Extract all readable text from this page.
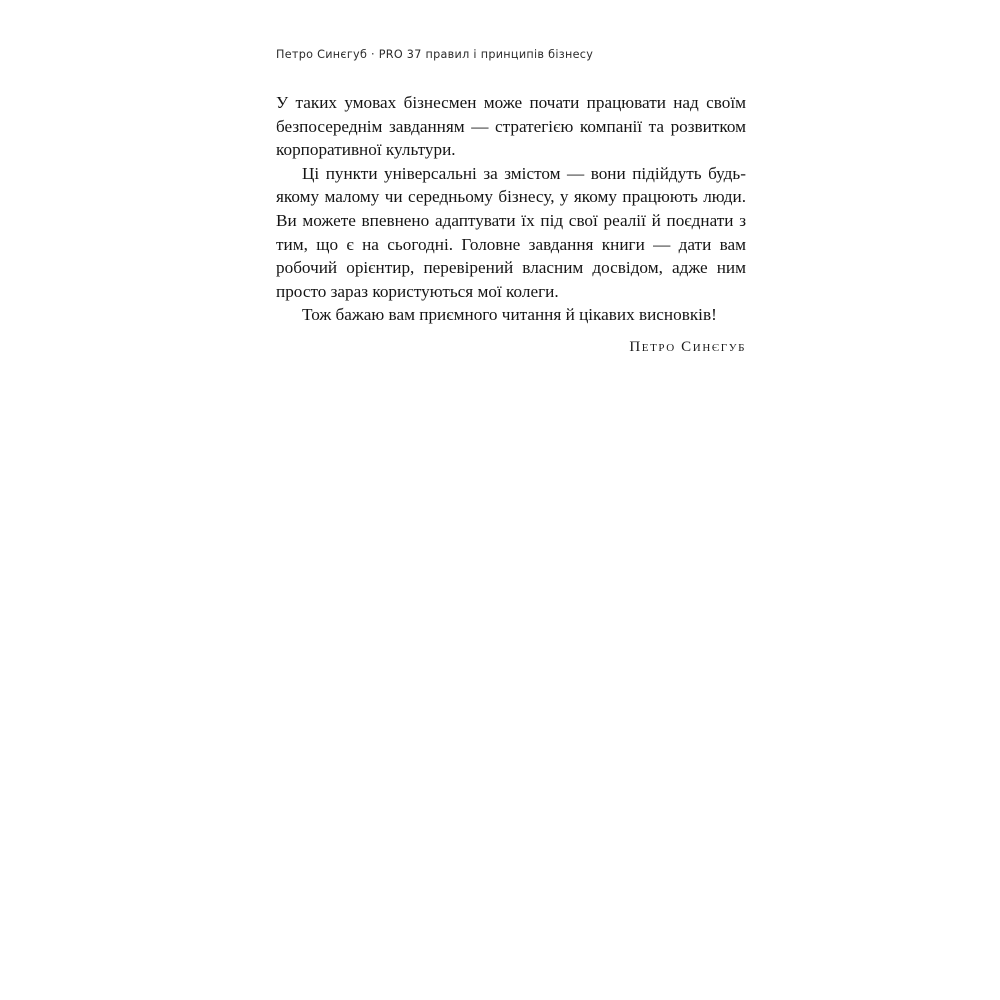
Петро Синєгуб · PRO 37 правил і принципів бізнесу

У таких умовах бізнесмен може почати працювати над своїм безпосереднім завданням — стратегією компанії та розвитком корпоративної культури.

Ці пункти універсальні за змістом — вони підійдуть будь-якому малому чи середньому бізнесу, у якому працюють люди. Ви можете впевнено адаптувати їх під свої реалії й поєднати з тим, що є на сьогодні. Головне завдання книги — дати вам робочий орієнтир, перевірений власним досвідом, адже ним просто зараз користуються мої колеги.

Тож бажаю вам приємного читання й цікавих висновків!

Петро Синєгуб
